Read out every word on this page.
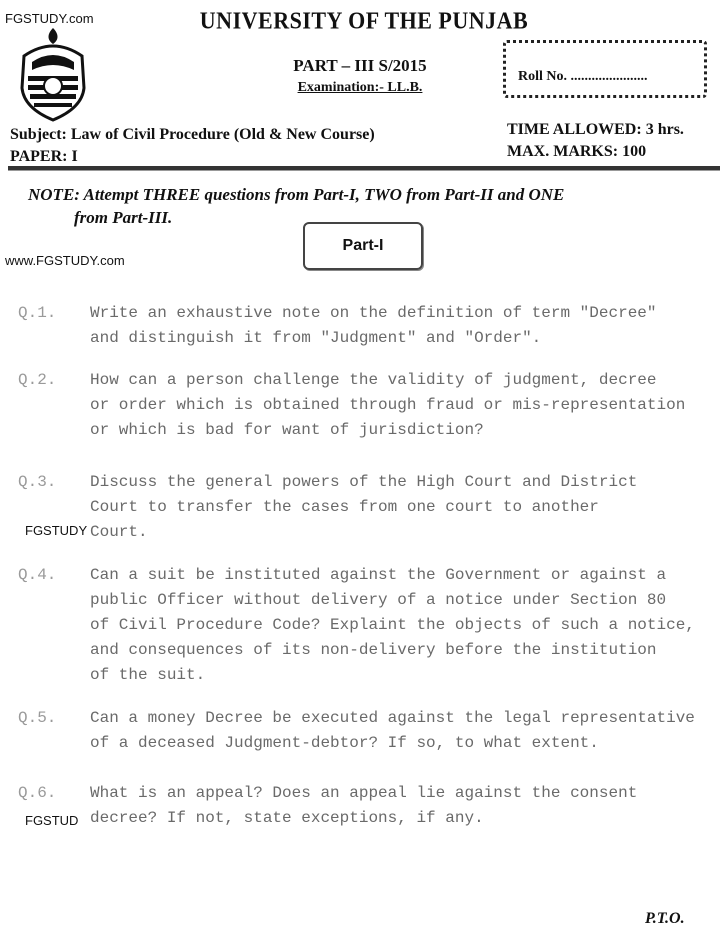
FGSTUDY.com	UNIVERSITY OF THE PUNJAB
PART – III S/2015
Examination:- LL.B.
Roll No. ......................
Subject: Law of Civil Procedure (Old & New Course)
PAPER: I
TIME ALLOWED: 3 hrs.
MAX. MARKS: 100
NOTE: Attempt THREE questions from Part-I, TWO from Part-II and ONE
from Part-III.
Part-I
www.FGSTUDY.com
Q.1. Write an exhaustive note on the definition of term "Decree"
and distinguish it from "Judgment" and "Order".
Q.2. How can a person challenge the validity of judgment, decree
or order which is obtained through fraud or mis-representation
or which is bad for want of jurisdiction?
Q.3. Discuss the general powers of the High Court and District
Court to transfer the cases from one court to another
Court.
Q.4. Can a suit be instituted against the Government or against a
public Officer without delivery of a notice under Section 80
of Civil Procedure Code? Explaint the objects of such a notice,
and consequences of its non-delivery before the institution
of the suit.
Q.5. Can a money Decree be executed against the legal representative
of a deceased Judgment-debtor? If so, to what extent.
Q.6. What is an appeal? Does an appeal lie against the consent
decree? If not, state exceptions, if any.
FGSTUDY
FGSTUD
P.T.O.
